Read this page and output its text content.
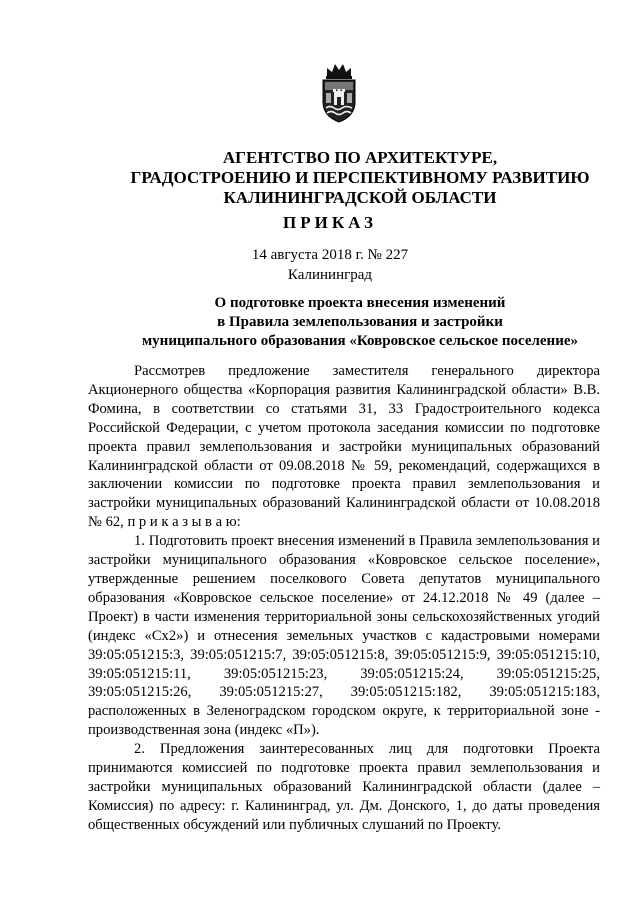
АГЕНТСТВО ПО АРХИТЕКТУРЕ,
ГРАДОСТРОЕНИЮ И ПЕРСПЕКТИВНОМУ РАЗВИТИЮ
КАЛИНИНГРАДСКОЙ ОБЛАСТИ
ПРИКАЗ
14 августа 2018 г. № 227
Калининград
О подготовке проекта внесения изменений
в Правила землепользования и застройки
муниципального образования «Ковровское сельское поселение»

Рассмотрев предложение заместителя генерального директора Акционерного общества «Корпорация развития Калининградской области» В.В. Фомина, в соответствии со статьями 31, 33 Градостроительного кодекса Российской Федерации, с учетом протокола заседания комиссии по подготовке проекта правил землепользования и застройки муниципальных образований Калининградской области от 09.08.2018 № 59, рекомендаций, содержащихся в заключении комиссии по подготовке проекта правил землепользования и застройки муниципальных образований Калининградской области от 10.08.2018 № 62, п р и к а з ы в а ю:

1. Подготовить проект внесения изменений в Правила землепользования и застройки муниципального образования «Ковровское сельское поселение», утвержденные решением поселкового Совета депутатов муниципального образования «Ковровское сельское поселение» от 24.12.2018 № 49 (далее – Проект) в части изменения территориальной зоны сельскохозяйственных угодий (индекс «Сх2») и отнесения земельных участков с кадастровыми номерами 39:05:051215:3, 39:05:051215:7, 39:05:051215:8, 39:05:051215:9, 39:05:051215:10, 39:05:051215:11, 39:05:051215:23, 39:05:051215:24, 39:05:051215:25, 39:05:051215:26, 39:05:051215:27, 39:05:051215:182, 39:05:051215:183, расположенных в Зеленоградском городском округе, к территориальной зоне - производственная зона (индекс «П»).

2. Предложения заинтересованных лиц для подготовки Проекта принимаются комиссией по подготовке проекта правил землепользования и застройки муниципальных образований Калининградской области (далее – Комиссия) по адресу: г. Калининград, ул. Дм. Донского, 1, до даты проведения общественных обсуждений или публичных слушаний по Проекту.
